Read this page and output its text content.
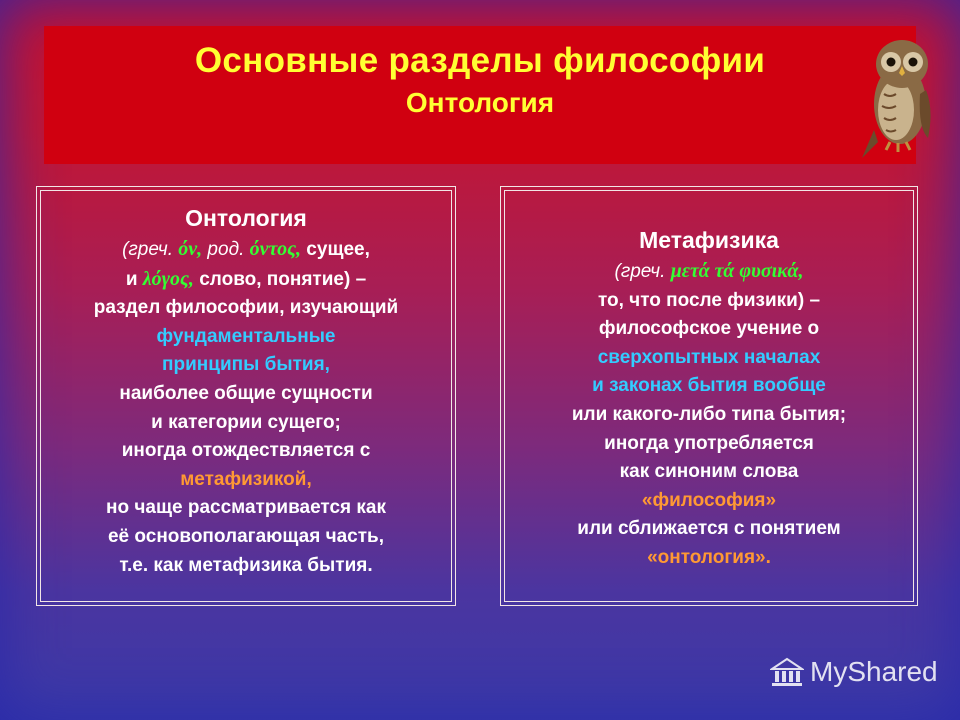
Основные разделы философии
Онтология
Онтология
(греч. όν, род. όντος, сущее,
и λόγος, слово, понятие) –
раздел философии, изучающий
фундаментальные
принципы бытия,
наиболее общие сущности
и категории сущего;
иногда отождествляется с
метафизикой,
но чаще рассматривается как
её основополагающая часть,
т.е. как метафизика бытия.
Метафизика
(греч. μετά τά φυσικά,
то, что после физики) –
философское учение о
сверхопытных началах
и законах бытия вообще
или какого-либо типа бытия;
иногда употребляется
как синоним слова
«философия»
или сближается с понятием
«онтология».
MyShared
